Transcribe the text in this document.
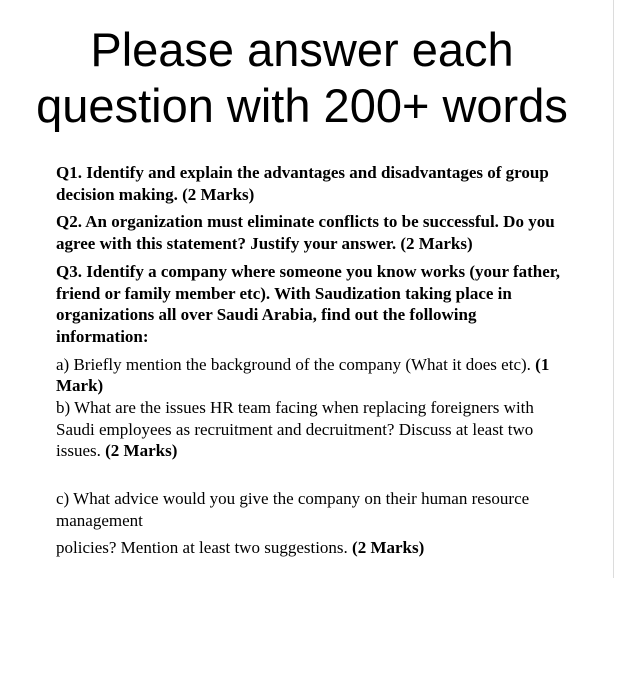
Please answer each
question with 200+ words

Q1. Identify and explain the advantages and disadvantages of group decision making. (2 Marks)

Q2. An organization must eliminate conflicts to be successful. Do you agree with this statement? Justify your answer. (2 Marks)

Q3. Identify a company where someone you know works (your father, friend or family member etc). With Saudization taking place in organizations all over Saudi Arabia, find out the following information:

a) Briefly mention the background of the company (What it does etc). (1 Mark)

b) What are the issues HR team facing when replacing foreigners with Saudi employees as recruitment and decruitment? Discuss at least two issues. (2 Marks)

c) What advice would you give the company on their human resource management

policies? Mention at least two suggestions. (2 Marks)
